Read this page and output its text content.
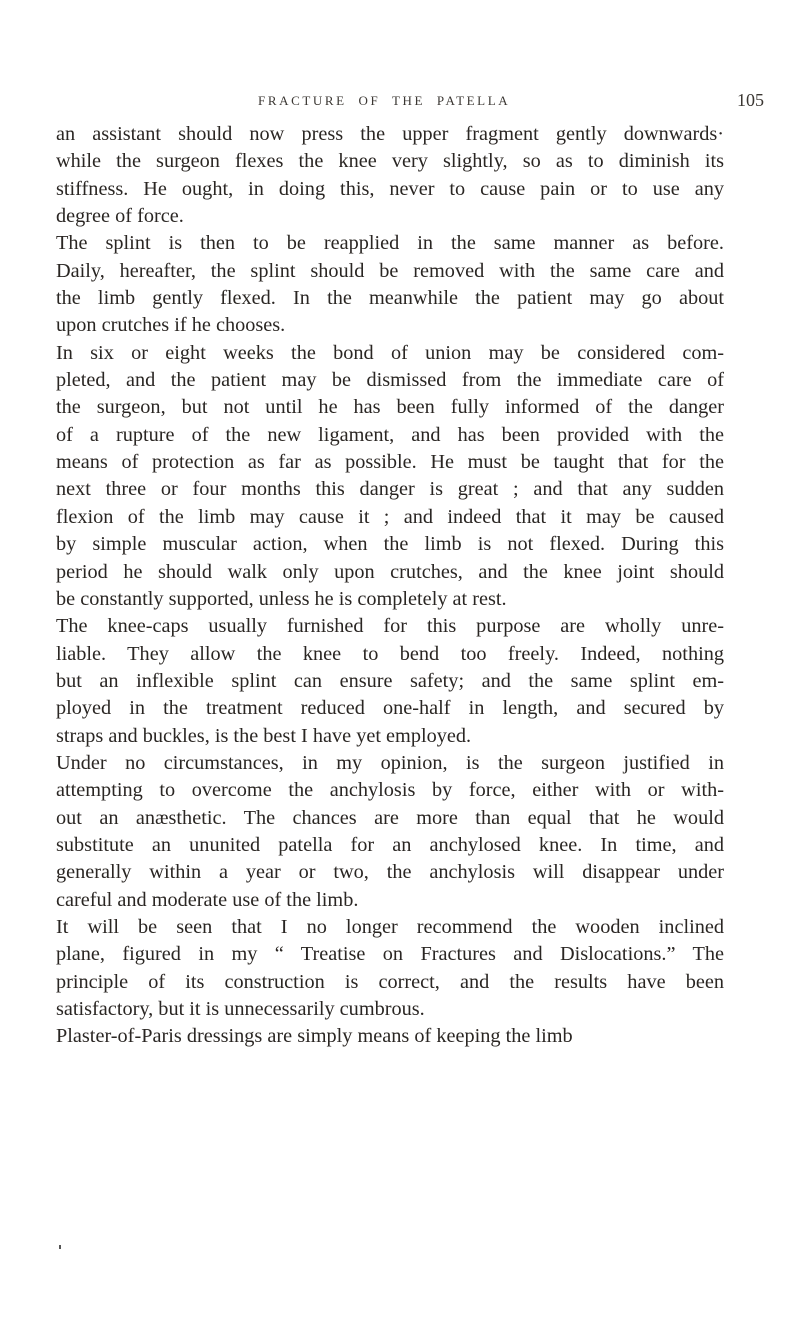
FRACTURE OF THE PATELLA	105
an assistant should now press the upper fragment gently downwards·
while the surgeon flexes the knee very slightly, so as to diminish its
stiffness. He ought, in doing this, never to cause pain or to use any
degree of force.
The splint is then to be reapplied in the same manner as before.
Daily, hereafter, the splint should be removed with the same care and
the limb gently flexed. In the meanwhile the patient may go about
upon crutches if he chooses.
In six or eight weeks the bond of union may be considered com-
pleted, and the patient may be dismissed from the immediate care of
the surgeon, but not until he has been fully informed of the danger
of a rupture of the new ligament, and has been provided with the
means of protection as far as possible. He must be taught that for the
next three or four months this danger is great ; and that any sudden
flexion of the limb may cause it ; and indeed that it may be caused
by simple muscular action, when the limb is not flexed. During this
period he should walk only upon crutches, and the knee joint should
be constantly supported, unless he is completely at rest.
The knee-caps usually furnished for this purpose are wholly unre-
liable. They allow the knee to bend too freely. Indeed, nothing
but an inflexible splint can ensure safety; and the same splint em-
ployed in the treatment reduced one-half in length, and secured by
straps and buckles, is the best I have yet employed.
Under no circumstances, in my opinion, is the surgeon justified in
attempting to overcome the anchylosis by force, either with or with-
out an anæsthetic. The chances are more than equal that he would
substitute an ununited patella for an anchylosed knee. In time, and
generally within a year or two, the anchylosis will disappear under
careful and moderate use of the limb.
It will be seen that I no longer recommend the wooden inclined
plane, figured in my “ Treatise on Fractures and Dislocations.” The
principle of its construction is correct, and the results have been
satisfactory, but it is unnecessarily cumbrous.
Plaster-of-Paris dressings are simply means of keeping the limb
